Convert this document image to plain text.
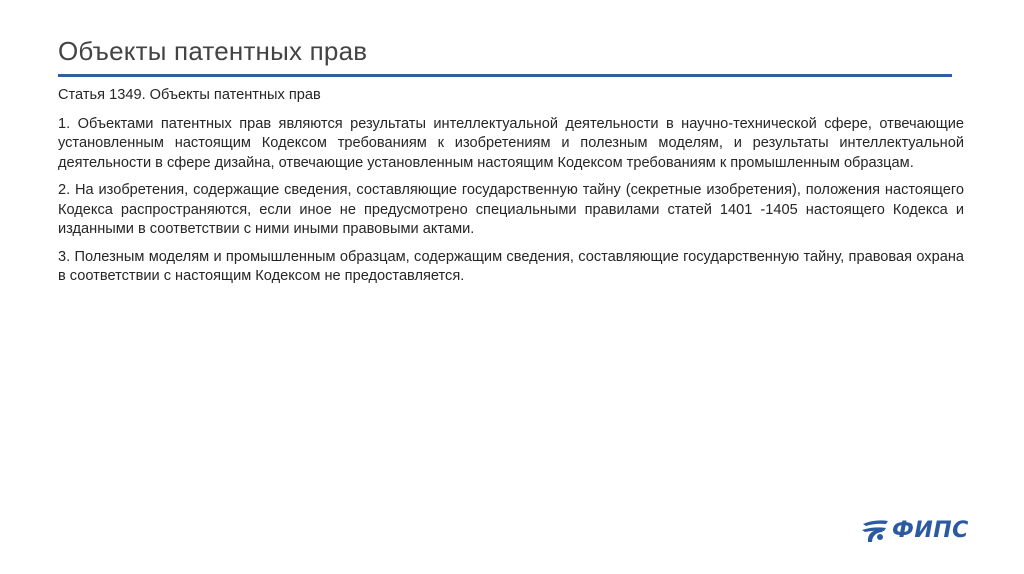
Объекты патентных прав

Статья 1349. Объекты патентных прав

1. Объектами патентных прав являются результаты интеллектуальной деятельности в научно-технической сфере, отвечающие установленным настоящим Кодексом требованиям к изобретениям и полезным моделям, и результаты интеллектуальной деятельности в сфере дизайна, отвечающие установленным настоящим Кодексом требованиям к промышленным образцам.

2. На изобретения, содержащие сведения, составляющие государственную тайну (секретные изобретения), положения настоящего Кодекса распространяются, если иное не предусмотрено специальными правилами статей 1401 -1405 настоящего Кодекса и изданными в соответствии с ними иными правовыми актами.

3. Полезным моделям и промышленным образцам, содержащим сведения, составляющие государственную тайну, правовая охрана в соответствии с настоящим Кодексом не предоставляется.

ФИПС
